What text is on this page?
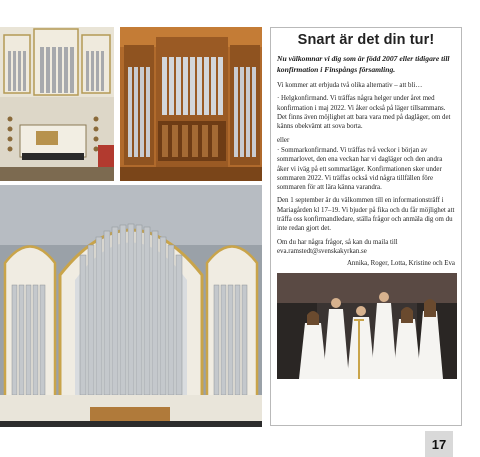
Snart är det din tur!

Nu välkomnar vi dig som är född 2007 eller tidigare till konfirmation i Finspångs församling.

Vi kommer att erbjuda två olika alternativ – att bli…

· Helgkonfirmand. Vi träffas några helger under året med konfirmation i maj 2022. Vi åker också på läger tillsammans. Det finns även möjlighet att bara vara med på dagläger, om det känns obekvämt att sova borta.

eller

· Sommarkonfirmand. Vi träffas två veckor i början av sommarlovet, den ena veckan har vi dagläger och den andra åker vi iväg på ett sommarläger. Konfirmationen sker under sommaren 2022. Vi träffas också vid några tillfällen före sommaren för att lära känna varandra.

Den 1 september är du välkommen till en informationsträff i Mariagården kl 17–19. Vi bjuder på fika och du får möjlighet att träffa oss konfirmandledare, ställa frågor och anmäla dig om du inte redan gjort det.

Om du har några frågor, så kan du maila till eva.ramstedt@svenskakyrkan.se

Annika, Roger, Lotta, Kristine och Eva

17
